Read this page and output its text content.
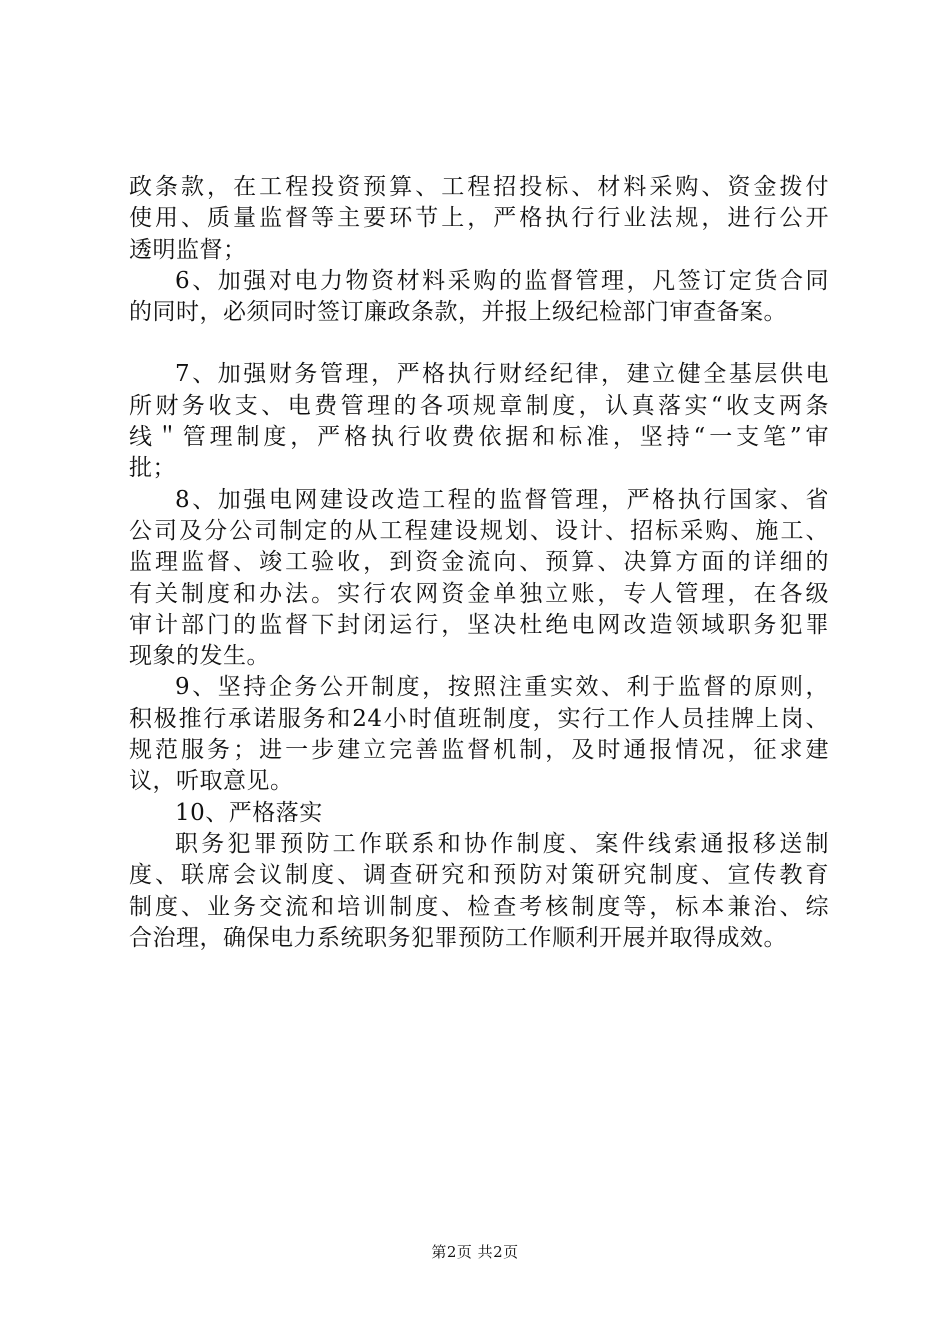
政条款，在工程投资预算、工程招投标、材料采购、资金拨付
使用、质量监督等主要环节上，严格执行行业法规，进行公开
透明监督；
6、加强对电力物资材料采购的监督管理，凡签订定货合同
的同时，必须同时签订廉政条款，并报上级纪检部门审查备案。
7、加强财务管理，严格执行财经纪律，建立健全基层供电
所财务收支、电费管理的各项规章制度，认真落实“收支两条
线＂管理制度，严格执行收费依据和标准，坚持“一支笔”审
批；
8、加强电网建设改造工程的监督管理，严格执行国家、省
公司及分公司制定的从工程建设规划、设计、招标采购、施工、
监理监督、竣工验收，到资金流向、预算、决算方面的详细的
有关制度和办法。实行农网资金单独立账，专人管理，在各级
审计部门的监督下封闭运行，坚决杜绝电网改造领域职务犯罪
现象的发生。
9、坚持企务公开制度，按照注重实效、利于监督的原则，
积极推行承诺服务和24小时值班制度，实行工作人员挂牌上岗、
规范服务；进一步建立完善监督机制，及时通报情况，征求建
议，听取意见。
10、严格落实
职务犯罪预防工作联系和协作制度、案件线索通报移送制
度、联席会议制度、调查研究和预防对策研究制度、宣传教育
制度、业务交流和培训制度、检查考核制度等，标本兼治、综
合治理，确保电力系统职务犯罪预防工作顺利开展并取得成效。
第2页 共2页
